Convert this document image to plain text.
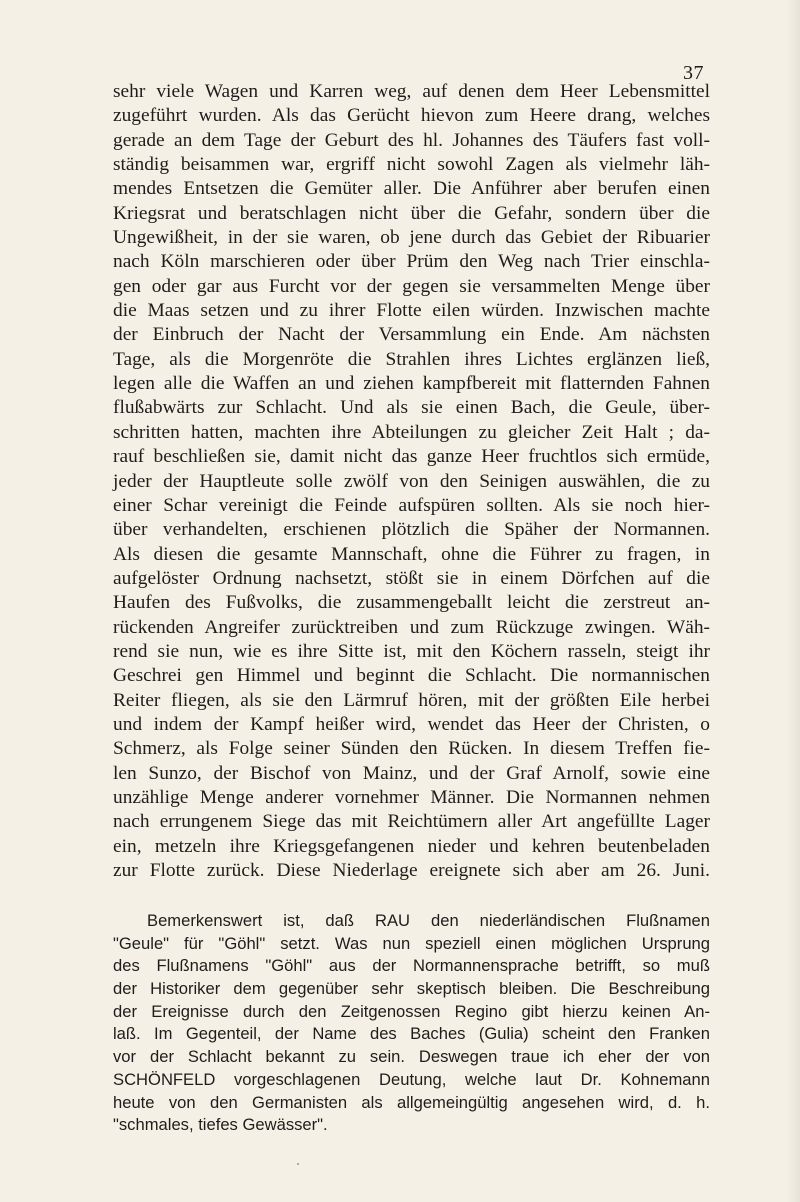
37
sehr viele Wagen und Karren weg, auf denen dem Heer Lebensmittel
zugeführt wurden. Als das Gerücht hievon zum Heere drang, welches
gerade an dem Tage der Geburt des hl. Johannes des Täufers fast voll-
ständig beisammen war, ergriff nicht sowohl Zagen als vielmehr läh-
mendes Entsetzen die Gemüter aller. Die Anführer aber berufen einen
Kriegsrat und beratschlagen nicht über die Gefahr, sondern über die
Ungewißheit, in der sie waren, ob jene durch das Gebiet der Ribuarier
nach Köln marschieren oder über Prüm den Weg nach Trier einschla-
gen oder gar aus Furcht vor der gegen sie versammelten Menge über
die Maas setzen und zu ihrer Flotte eilen würden. Inzwischen machte
der Einbruch der Nacht der Versammlung ein Ende. Am nächsten
Tage, als die Morgenröte die Strahlen ihres Lichtes erglänzen ließ,
legen alle die Waffen an und ziehen kampfbereit mit flatternden Fahnen
flußabwärts zur Schlacht. Und als sie einen Bach, die Geule, über-
schritten hatten, machten ihre Abteilungen zu gleicher Zeit Halt ; da-
rauf beschließen sie, damit nicht das ganze Heer fruchtlos sich ermüde,
jeder der Hauptleute solle zwölf von den Seinigen auswählen, die zu
einer Schar vereinigt die Feinde aufspüren sollten. Als sie noch hier-
über verhandelten, erschienen plötzlich die Späher der Normannen.
Als diesen die gesamte Mannschaft, ohne die Führer zu fragen, in
aufgelöster Ordnung nachsetzt, stößt sie in einem Dörfchen auf die
Haufen des Fußvolks, die zusammengeballt leicht die zerstreut an-
rückenden Angreifer zurücktreiben und zum Rückzuge zwingen. Wäh-
rend sie nun, wie es ihre Sitte ist, mit den Köchern rasseln, steigt ihr
Geschrei gen Himmel und beginnt die Schlacht. Die normannischen
Reiter fliegen, als sie den Lärmruf hören, mit der größten Eile herbei
und indem der Kampf heißer wird, wendet das Heer der Christen, o
Schmerz, als Folge seiner Sünden den Rücken. In diesem Treffen fie-
len Sunzo, der Bischof von Mainz, und der Graf Arnolf, sowie eine
unzählige Menge anderer vornehmer Männer. Die Normannen nehmen
nach errungenem Siege das mit Reichtümern aller Art angefüllte Lager
ein, metzeln ihre Kriegsgefangenen nieder und kehren beutenbeladen
zur Flotte zurück. Diese Niederlage ereignete sich aber am 26. Juni.
Bemerkenswert ist, daß RAU den niederländischen Flußnamen
"Geule" für "Göhl" setzt. Was nun speziell einen möglichen Ursprung
des Flußnamens "Göhl" aus der Normannensprache betrifft, so muß
der Historiker dem gegenüber sehr skeptisch bleiben. Die Beschreibung
der Ereignisse durch den Zeitgenossen Regino gibt hierzu keinen An-
laß. Im Gegenteil, der Name des Baches (Gulia) scheint den Franken
vor der Schlacht bekannt zu sein. Deswegen traue ich eher der von
SCHÖNFELD vorgeschlagenen Deutung, welche laut Dr. Kohnemann
heute von den Germanisten als allgemeingültig angesehen wird, d. h.
"schmales, tiefes Gewässer".
